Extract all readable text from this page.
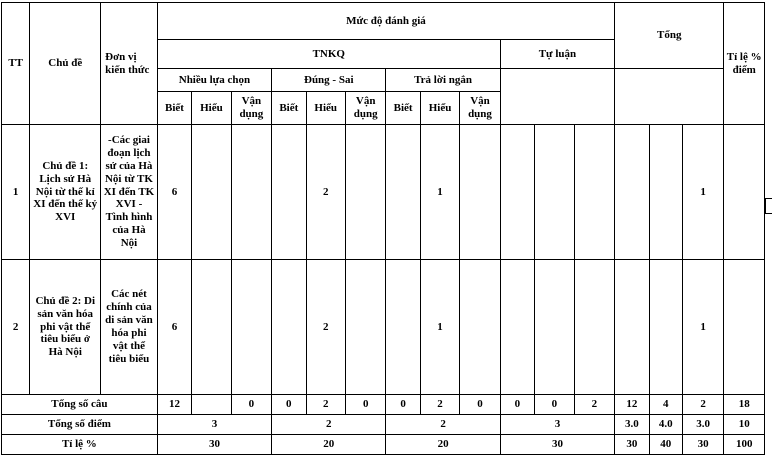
TT	Chủ đề	Đơn vị kiến thức	Mức độ đánh giá												Tổng			Tỉ lệ % điểm
			TNKQ									Tự luận						
			Nhiều lựa chọn			Đúng - Sai			Trả lời ngắn									
			Biết	Hiểu	Vận dụng	Biết	Hiểu	Vận dụng	Biết	Hiểu	Vận dụng							
1	Chủ đề 1: Lịch sử Hà Nội từ thế kỉ XI đến thế kỷ XVI	-Các giai đoạn lịch sử của Hà Nội từ TK XI đến TK XVI - Tình hình của Hà Nội	6				2			1							1	
2	Chủ đề 2: Di sản văn hóa phi vật thể tiêu biểu ở Hà Nội	Các nét chính của di sản văn hóa phi vật thể tiêu biểu	6				2			1							1	
Tổng số câu			12		0	0	2	0	0	2	0	0	0	2	12	4	2	18
Tổng số điểm			3			2			2			3			3.0	4.0	3.0	10
Tỉ lệ %			30			20			20			30			30	40	30	100
